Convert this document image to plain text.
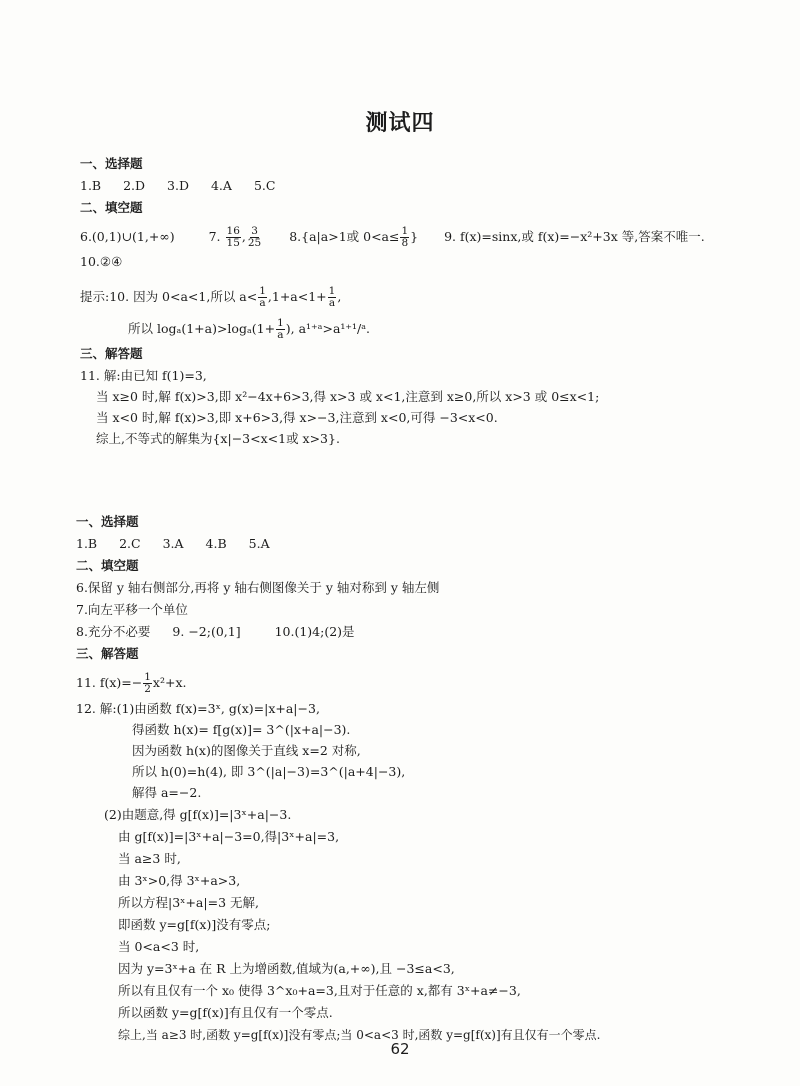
测试四
一、选择题
1.B 2.D 3.D 4.A 5.C
二、填空题
6.(0,1)∪(1,+∞)	7. $\frac{16}{15}$ , $\frac{3}{25} 8.\{a|a>1$或 $0<a\le \frac{1}{8}$ } 9. f(x)=sinx,或 f(x)=−x²+3x 等,答案不唯一.
10.②④
提示:10. 因为 0<a<1,所以 $a< \frac{1}{a} ,1+a<1+ \frac{1}{a}$ ,
所以 $\log_a(1+a)>\log_a(1+ \frac{1}{a}$ ), a¹⁺ᵃ>a¹⁺¹/ᵃ.
三、解答题
11. 解:由已知 f(1)=3,
当 x≥0 时,解 f(x)>3,即 x²−4x+6>3,得 x>3 或 x<1,注意到 x≥0,所以 x>3 或 0≤x<1;
当 x<0 时,解 f(x)>3,即 x+6>3,得 x>−3,注意到 x<0,可得 −3<x<0.
综上,不等式的解集为{x|−3<x<1或 x>3}.
一、选择题
1.B 2.C 3.A 4.B 5.A
二、填空题
6.保留 y 轴右侧部分,再将 y 轴右侧图像关于 y 轴对称到 y 轴左侧
7.向左平移一个单位
8.充分不必要 9. −2;(0,1]	10.(1)4;(2)是
三、解答题
11. $f(x)=- \frac{1}{2} x^2+x$.
12. 解:(1)由函数 f(x)=3ˣ, g(x)=|x+a|−3,
得函数 h(x)= f[g(x)]= 3^(|x+a|−3).
因为函数 h(x)的图像关于直线 x=2 对称,
所以 h(0)=h(4), 即 3^(|a|−3)=3^(|a+4|−3),
解得 a=−2.
(2)由题意,得 g[f(x)]=|3ˣ+a|−3.
由 g[f(x)]=|3ˣ+a|−3=0,得|3ˣ+a|=3,
当 a≥3 时,
由 3ˣ>0,得 3ˣ+a>3,
所以方程|3ˣ+a|=3 无解,
即函数 y=g[f(x)]没有零点;
当 0<a<3 时,
因为 y=3ˣ+a 在 R 上为增函数,值域为(a,+∞),且 −3≤a<3,
所以有且仅有一个 x₀ 使得 3^x₀+a=3,且对于任意的 x,都有 3ˣ+a≠−3,
所以函数 y=g[f(x)]有且仅有一个零点.
综上,当 a≥3 时,函数 y=g[f(x)]没有零点;当 0<a<3 时,函数 y=g[f(x)]有且仅有一个零点.
62
